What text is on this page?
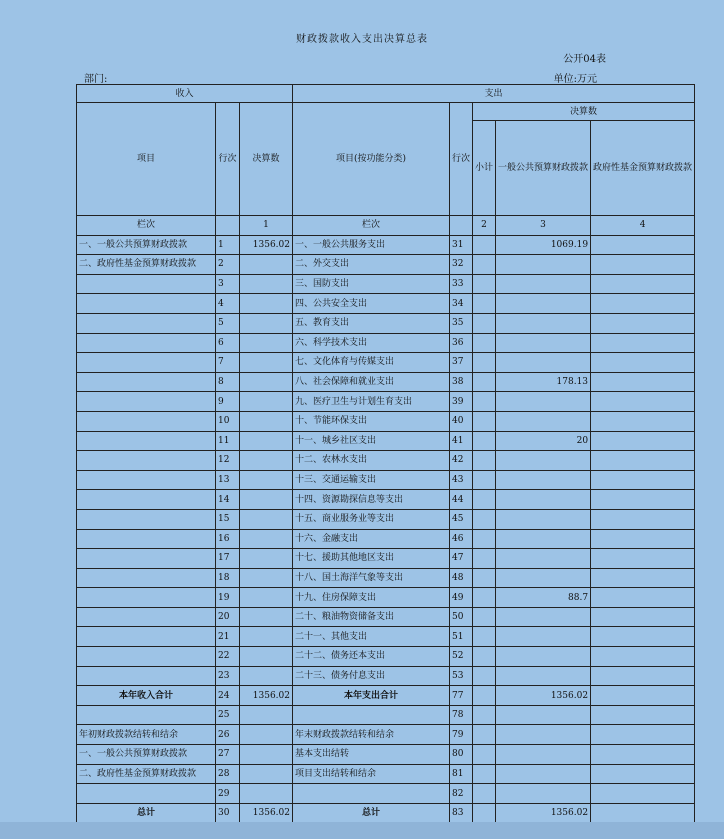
财政拨款收入支出决算总表
公开04表
部门:	单位:万元
收入			支出				
项目	行次	决算数	项目(按功能分类)	行次	决算数		
					小计	一般公共预算财政拨款	政府性基金预算财政拨款
栏次		1	栏次		2	3	4
一、一般公共预算财政拨款	1	1356.02	一、一般公共服务支出	31		1069.19	
二、政府性基金预算财政拨款	2		二、外交支出	32			
	3		三、国防支出	33			
	4		四、公共安全支出	34			
	5		五、教育支出	35			
	6		六、科学技术支出	36			
	7		七、文化体育与传媒支出	37			
	8		八、社会保障和就业支出	38		178.13	
	9		九、医疗卫生与计划生育支出	39			
	10		十、节能环保支出	40			
	11		十一、城乡社区支出	41		20	
	12		十二、农林水支出	42			
	13		十三、交通运输支出	43			
	14		十四、资源勘探信息等支出	44			
	15		十五、商业服务业等支出	45			
	16		十六、金融支出	46			
	17		十七、援助其他地区支出	47			
	18		十八、国土海洋气象等支出	48			
	19		十九、住房保障支出	49		88.7	
	20		二十、粮油物资储备支出	50			
	21		二十一、其他支出	51			
	22		二十二、债务还本支出	52			
	23		二十三、债务付息支出	53			
本年收入合计	24	1356.02	本年支出合计	77		1356.02	
	25			78			
年初财政拨款结转和结余	26		年末财政拨款结转和结余	79			
一、一般公共预算财政拨款	27		基本支出结转	80			
二、政府性基金预算财政拨款	28		项目支出结转和结余	81			
	29			82			
总计	30	1356.02	总计	83		1356.02	
